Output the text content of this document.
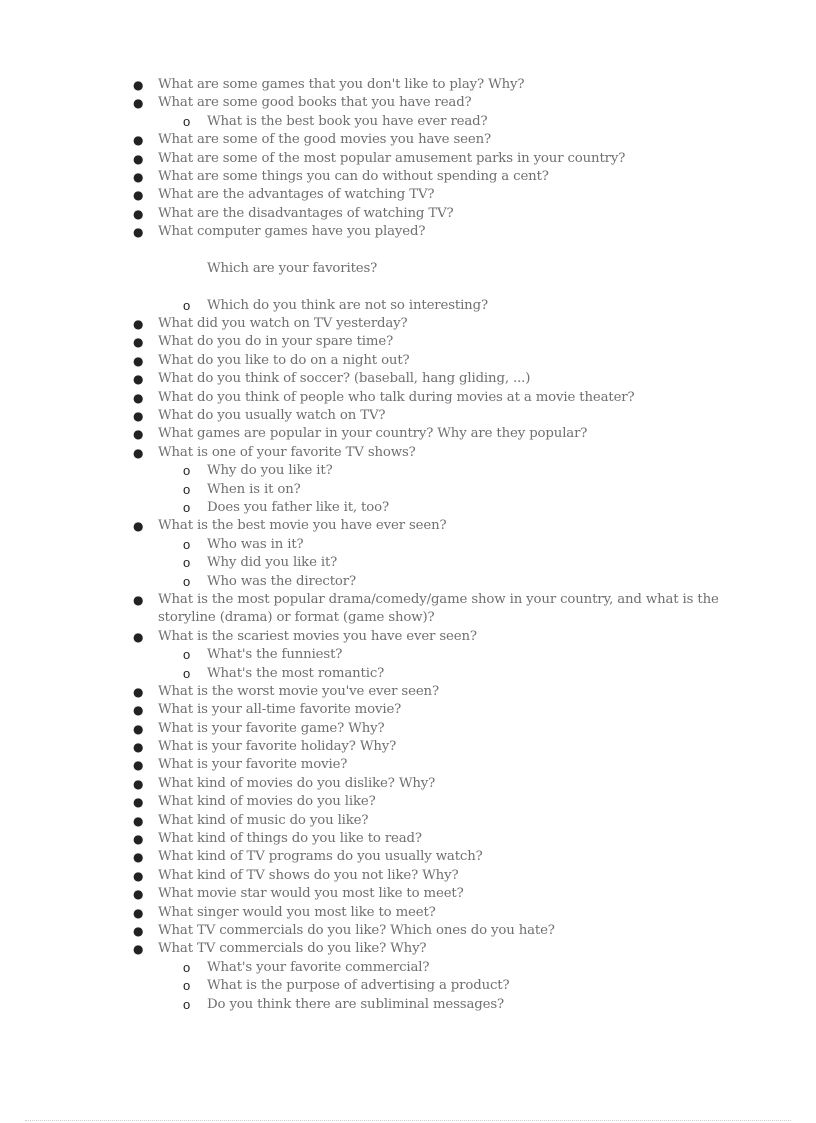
● What are some games that you don't like to play? Why?
● What are some good books that you have read?
o What is the best book you have ever read?
● What are some of the good movies you have seen?
● What are some of the most popular amusement parks in your country?
● What are some things you can do without spending a cent?
● What are the advantages of watching TV?
● What are the disadvantages of watching TV?
● What computer games have you played?
Which are your favorites?
o Which do you think are not so interesting?
● What did you watch on TV yesterday?
● What do you do in your spare time?
● What do you like to do on a night out?
● What do you think of soccer? (baseball, hang gliding, ...)
● What do you think of people who talk during movies at a movie theater?
● What do you usually watch on TV?
● What games are popular in your country? Why are they popular?
● What is one of your favorite TV shows?
o Why do you like it?
o When is it on?
o Does you father like it, too?
● What is the best movie you have ever seen?
o Who was in it?
o Why did you like it?
o Who was the director?
● What is the most popular drama/comedy/game show in your country, and what is the storyline (drama) or format (game show)?
● What is the scariest movies you have ever seen?
o What's the funniest?
o What's the most romantic?
● What is the worst movie you've ever seen?
● What is your all-time favorite movie?
● What is your favorite game? Why?
● What is your favorite holiday? Why?
● What is your favorite movie?
● What kind of movies do you dislike? Why?
● What kind of movies do you like?
● What kind of music do you like?
● What kind of things do you like to read?
● What kind of TV programs do you usually watch?
● What kind of TV shows do you not like? Why?
● What movie star would you most like to meet?
● What singer would you most like to meet?
● What TV commercials do you like? Which ones do you hate?
● What TV commercials do you like? Why?
o What's your favorite commercial?
o What is the purpose of advertising a product?
o Do you think there are subliminal messages?
